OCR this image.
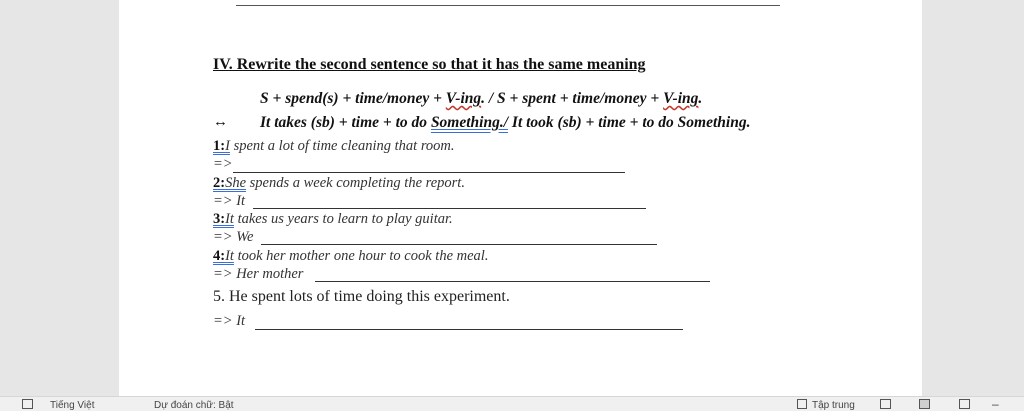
IV. Rewrite the second sentence so that it has the same meaning
S + spend(s) + time/money + V-ing. / S + spent + time/money + V-ing.
↔ It takes (sb) + time + to do Something./ It took (sb) + time + to do Something.
1:I spent a lot of time cleaning that room.
=>
2:She spends a week completing the report.
=> It
3:It takes us years to learn to play guitar.
=> We
4:It took her mother one hour to cook the meal.
=> Her mother
5. He spent lots of time doing this experiment.
=> It
Tiếng Việt	Dự đoán chữ: Bật	Tập trung	–
